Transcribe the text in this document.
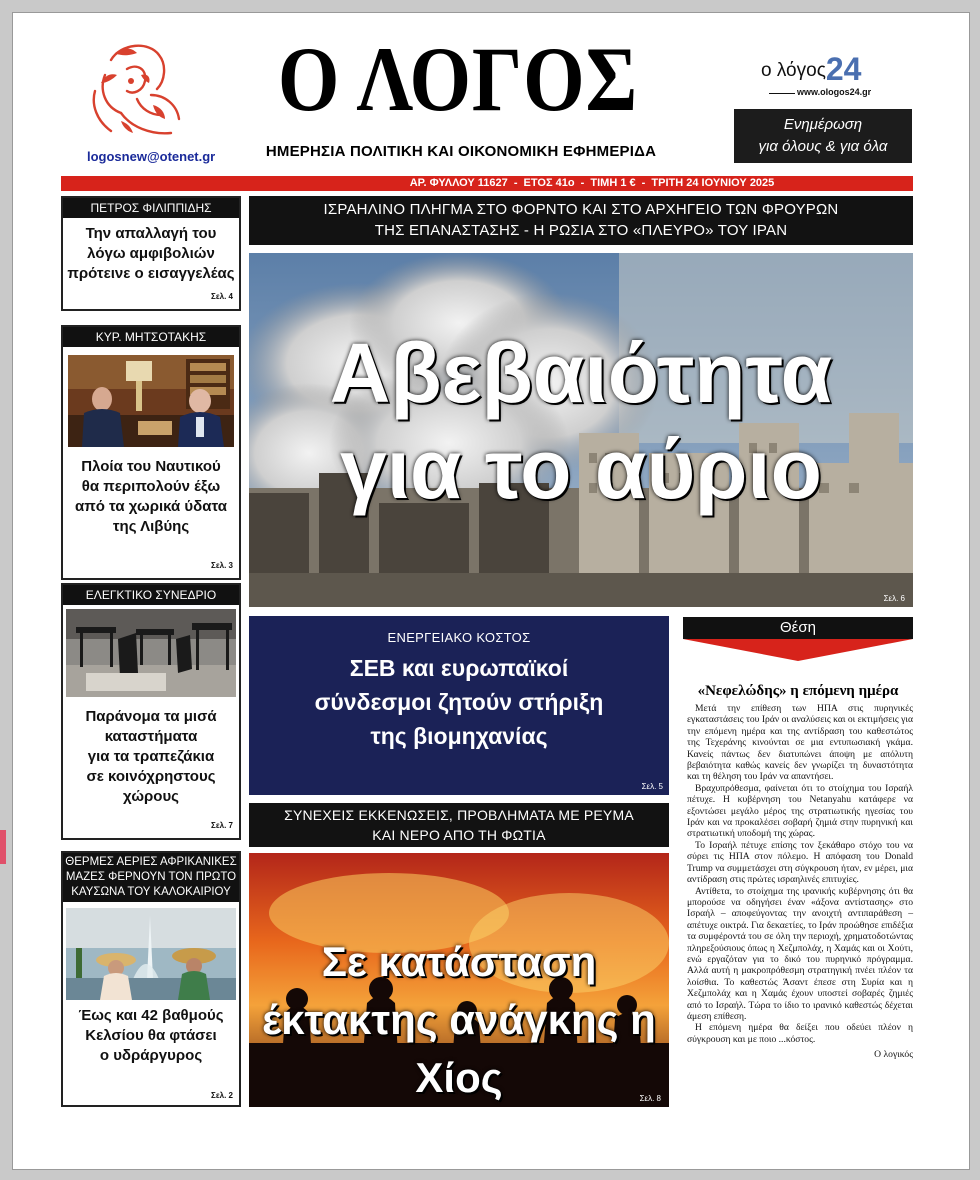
logosnew@otenet.gr
Ο ΛΟΓΟΣ
ΗΜΕΡΗΣΙΑ ΠΟΛΙΤΙΚΗ ΚΑΙ ΟΙΚΟΝΟΜΙΚΗ ΕΦΗΜΕΡΙΔΑ
ο λόγος24
www.ologos24.gr
Ενημέρωση
για όλους & για όλα
ΑΡ. ΦΥΛΛΟΥ 11627 - ΕΤΟΣ 41ο - ΤΙΜΗ 1 € - ΤΡΙΤΗ 24 ΙΟΥΝΙΟΥ 2025
ΠΕΤΡΟΣ ΦΙΛΙΠΠΙΔΗΣ
Την απαλλαγή του
λόγω αμφιβολιών
πρότεινε ο εισαγγελέας
Σελ. 4
ΚΥΡ. ΜΗΤΣΟΤΑΚΗΣ
Πλοία του Ναυτικού
θα περιπολούν έξω
από τα χωρικά ύδατα
της Λιβύης
Σελ. 3
ΕΛΕΓΚΤΙΚΟ ΣΥΝΕΔΡΙΟ
Παράνομα τα μισά
καταστήματα
για τα τραπεζάκια
σε κοινόχρηστους
χώρους
Σελ. 7
ΘΕΡΜΕΣ ΑΕΡΙΕΣ ΑΦΡΙΚΑΝΙΚΕΣ
ΜΑΖΕΣ ΦΕΡΝΟΥΝ ΤΟΝ ΠΡΩΤΟ
ΚΑΥΣΩΝΑ ΤΟΥ ΚΑΛΟΚΑΙΡΙΟΥ
Έως και 42 βαθμούς
Κελσίου θα φτάσει
ο υδράργυρος
Σελ. 2
ΙΣΡΑΗΛΙΝΟ ΠΛΗΓΜΑ ΣΤΟ ΦΟΡΝΤΟ ΚΑΙ ΣΤΟ ΑΡΧΗΓΕΙΟ ΤΩΝ ΦΡΟΥΡΩΝ
ΤΗΣ ΕΠΑΝΑΣΤΑΣΗΣ - Η ΡΩΣΙΑ ΣΤΟ «ΠΛΕΥΡΟ» ΤΟΥ ΙΡΑΝ
Αβεβαιότητα
για το αύριο
Σελ. 6
ΕΝΕΡΓΕΙΑΚΟ ΚΟΣΤΟΣ
ΣΕΒ και ευρωπαϊκοί
σύνδεσμοι ζητούν στήριξη
της βιομηχανίας
Σελ. 5
ΣΥΝΕΧΕΙΣ ΕΚΚΕΝΩΣΕΙΣ, ΠΡΟΒΛΗΜΑΤΑ ΜΕ ΡΕΥΜΑ
ΚΑΙ ΝΕΡΟ ΑΠΟ ΤΗ ΦΩΤΙΑ
Σε κατάσταση
έκτακτης ανάγκης η Χίος	Σελ. 8
Θέση
«Νεφελώδης» η επόμενη ημέρα

Μετά την επίθεση των ΗΠΑ στις πυρηνικές εγκαταστάσεις του Ιράν οι αναλύσεις και οι εκτιμήσεις για την επόμενη ημέρα και της αντίδραση του καθεστώτος της Τεχεράνης κινούνται σε μια εντυπωσιακή γκάμα. Κανείς πάντως δεν διατυπώνει άποψη με απόλυτη βεβαιότητα καθώς κανείς δεν γνωρίζει τη δυναστότητα και τη θέληση του Ιράν να απαντήσει.

Βραχυπρόθεσμα, φαίνεται ότι το στοίχημα του Ισραήλ πέτυχε. Η κυβέρνηση του Netanyahu κατάφερε να εξοντώσει μεγάλο μέρος της στρατιωτικής ηγεσίας του Ιράν και να προκαλέσει σοβαρή ζημιά στην πυρηνική και στρατιωτική υποδομή της χώρας.

Το Ισραήλ πέτυχε επίσης τον ξεκάθαρο στόχο του να σύρει τις ΗΠΑ στον πόλεμο. Η απόφαση του Donald Trump να συμμετάσχει στη σύγκρουση ήταν, εν μέρει, μια αντίδραση στις πρώτες ισραηλινές επιτυχίες.

Αντίθετα, το στοίχημα της ιρανικής κυβέρνησης ότι θα μπορούσε να οδηγήσει έναν «άξονα αντίστασης» στο Ισραήλ – αποφεύγοντας την ανοιχτή αντιπαράθεση – απέτυχε οικτρά. Για δεκαετίες, το Ιράν προώθησε επιδέξια τα συμφέροντά του σε όλη την περιοχή, χρηματοδοτώντας πληρεξούσιους όπως η Χεζμπολάχ, η Χαμάς και οι Χούτι, ενώ εργαζόταν για το δικό του πυρηνικό πρόγραμμα. Αλλά αυτή η μακροπρόθεσμη στρατηγική πνέει πλέον τα λοίσθια. Το καθεστώς Άσαντ έπεσε στη Συρία και η Χεζμπολάχ και η Χαμάς έχουν υποστεί σοβαρές ζημιές από το Ισραήλ. Τώρα το ίδιο το ιρανικό καθεστώς δέχεται άμεση επίθεση.

Η επόμενη ημέρα θα δείξει που οδεύει πλέον η σύγκρουση και με ποιο ...κόστος.

Ο λογικός
